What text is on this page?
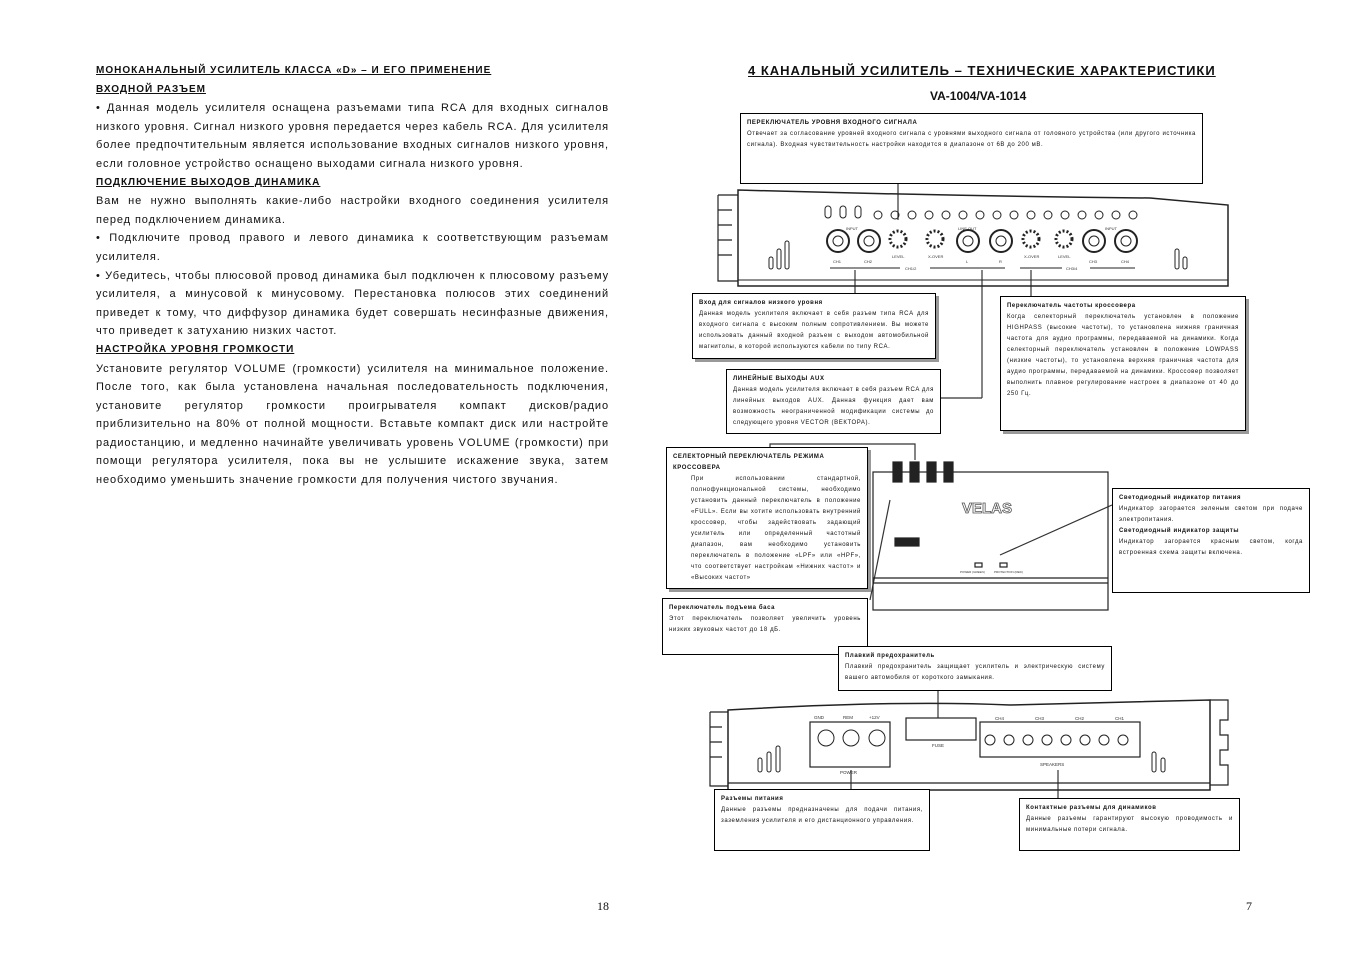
МОНОКАНАЛЬНЫЙ УСИЛИТЕЛЬ КЛАССА «D» – И ЕГО ПРИМЕНЕНИЕ
ВХОДНОЙ РАЗЪЕМ

• Данная модель усилителя оснащена разъемами типа RCA для входных сигналов низкого уровня. Сигнал низкого уровня передается через кабель RCA. Для усилителя более предпочтительным является использование входных сигналов низкого уровня, если головное устройство оснащено выходами сигнала низкого уровня.

ПОДКЛЮЧЕНИЕ ВЫХОДОВ ДИНАМИКА

Вам не нужно выполнять какие-либо настройки входного соединения усилителя перед подключением динамика.

• Подключите провод правого и левого динамика к соответствующим разъемам усилителя.

• Убедитесь, чтобы плюсовой провод динамика был подключен к плюсовому разъему усилителя, а минусовой к минусовому. Перестановка полюсов этих соединений приведет к тому, что диффузор динамика будет совершать несинфазные движения, что приведет к затуханию низких частот.

НАСТРОЙКА УРОВНЯ ГРОМКОСТИ

Установите регулятор VOLUME (громкости) усилителя на минимальное положение. После того, как была установлена начальная последовательность подключения, установите регулятор громкости проигрывателя компакт дисков/радио приблизительно на 80% от полной мощности. Вставьте компакт диск или настройте радиостанцию, и медленно начинайте увеличивать уровень VOLUME (громкости) при помощи регулятора усилителя, пока вы не услышите искажение звука, затем необходимо уменьшить значение громкости для получения чистого звучания.

18
4 КАНАЛЬНЫЙ УСИЛИТЕЛЬ – ТЕХНИЧЕСКИЕ ХАРАКТЕРИСТИКИ
VA-1004/VA-1014
7
INPUT	LINE OUT	INPUT
CH1	CH2
LEVEL	X-OVER
L	R
X-OVER	LEVEL
CH3	CH4
CH1/2	CH3/4
VELAS
POWER (GREEN)	PROTECTION (RED)
GND	REM	+12V
POWER
FUSE
SPEAKERS
CH4	CH3	CH2	CH1
ПЕРЕКЛЮЧАТЕЛЬ УРОВНЯ ВХОДНОГО СИГНАЛА

Отвечает за согласование уровней входного сигнала с уровнями выходного сигнала от головного устройства (или другого источника сигнала). Входная чувствительность настройки находится в диапазоне от 6В до 200 мВ.

Вход для сигналов низкого уровня

Данная модель усилителя включает в себя разъем типа RCA для входного сигнала с высоким полным сопротивлением. Вы можете использовать данный входной разъем с выходом автомобильной магнитолы, в которой используются кабели по типу RCA.

ЛИНЕЙНЫЕ ВЫХОДЫ AUX

Данная модель усилителя включает в себя разъем RCA для линейных выходов AUX. Данная функция дает вам возможность неограниченной модификации системы до следующего уровня VECTOR (ВЕКТОРА).

Переключатель частоты кроссовера

Когда селекторный переключатель установлен в положение HIGHPASS (высокие частоты), то установлена нижняя граничная частота для аудио программы, передаваемой на динамики. Когда селекторный переключатель установлен в положение LOWPASS (низкие частоты), то установлена верхняя граничная частота для аудио программы, передаваемой на динамики. Кроссовер позволяет выполнить плавное регулирование настроек в диапазоне от 40 до 250 Гц.

СЕЛЕКТОРНЫЙ ПЕРЕКЛЮЧАТЕЛЬ РЕЖИМА КРОССОВЕРА

При использовании стандартной, полнофункциональной системы, необходимо установить данный переключатель в положение «FULL». Если вы хотите использовать внутренний кроссовер, чтобы задействовать задающий усилитель или определенный частотный диапазон, вам необходимо установить переключатель в положение «LPF» или «HPF», что соответствует настройкам «Нижних частот» и «Высоких частот»

Переключатель подъема баса

Этот переключатель позволяет увеличить уровень низких звуковых частот до 18 дБ.

Светодиодный индикатор питания

Индикатор загорается зеленым светом при подаче электропитания.

Светодиодный индикатор защиты

Индикатор загорается красным светом, когда встроенная схема защиты включена.

Плавкий предохранитель

Плавкий предохранитель защищает усилитель и электрическую систему вашего автомобиля от короткого замыкания.

Разъемы питания

Данные разъемы предназначены для подачи питания, заземления усилителя и его дистанционного управления.

Контактные разъемы для динамиков

Данные разъемы гарантируют высокую проводимость и минимальные потери сигнала.
